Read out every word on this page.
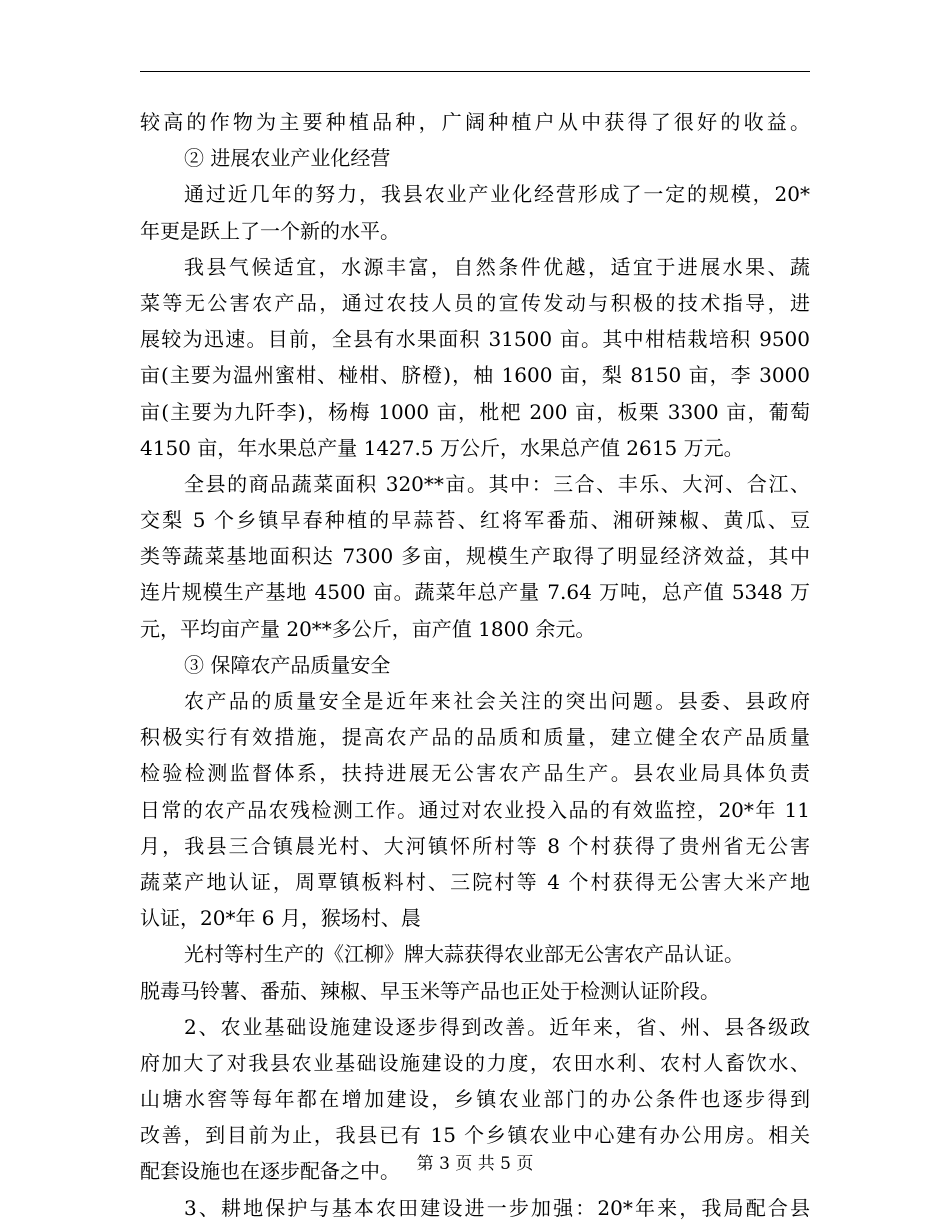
较高的作物为主要种植品种，广阔种植户从中获得了很好的收益。
② 进展农业产业化经营
通过近几年的努力，我县农业产业化经营形成了一定的规模，20*
年更是跃上了一个新的水平。
我县气候适宜，水源丰富，自然条件优越，适宜于进展水果、蔬
菜等无公害农产品，通过农技人员的宣传发动与积极的技术指导，进
展较为迅速。目前，全县有水果面积 31500 亩。其中柑桔栽培积 9500
亩(主要为温州蜜柑、椪柑、脐橙)，柚 1600 亩，梨 8150 亩，李 3000
亩(主要为九阡李)，杨梅 1000 亩，枇杷 200 亩，板栗 3300 亩，葡萄
4150 亩，年水果总产量 1427.5 万公斤，水果总产值 2615 万元。
全县的商品蔬菜面积 320**亩。其中：三合、丰乐、大河、合江、
交梨 5 个乡镇早春种植的早蒜苔、红将军番茄、湘研辣椒、黄瓜、豆
类等蔬菜基地面积达 7300 多亩，规模生产取得了明显经济效益，其中
连片规模生产基地 4500 亩。蔬菜年总产量 7.64 万吨，总产值 5348 万
元，平均亩产量 20**多公斤，亩产值 1800 余元。
③ 保障农产品质量安全
农产品的质量安全是近年来社会关注的突出问题。县委、县政府
积极实行有效措施，提高农产品的品质和质量，建立健全农产品质量
检验检测监督体系，扶持进展无公害农产品生产。县农业局具体负责
日常的农产品农残检测工作。通过对农业投入品的有效监控，20*年 11
月，我县三合镇晨光村、大河镇怀所村等 8 个村获得了贵州省无公害
蔬菜产地认证，周覃镇板料村、三院村等 4 个村获得无公害大米产地
认证，20*年 6 月，猴场村、晨
光村等村生产的《江柳》牌大蒜获得农业部无公害农产品认证。
脱毒马铃薯、番茄、辣椒、早玉米等产品也正处于检测认证阶段。
2、农业基础设施建设逐步得到改善。近年来，省、州、县各级政
府加大了对我县农业基础设施建设的力度，农田水利、农村人畜饮水、
山塘水窖等每年都在增加建设，乡镇农业部门的办公条件也逐步得到
改善，到目前为止，我县已有 15 个乡镇农业中心建有办公用房。相关
配套设施也在逐步配备之中。
3、耕地保护与基本农田建设进一步加强：20*年来，我局配合县
第 3 页 共 5 页
